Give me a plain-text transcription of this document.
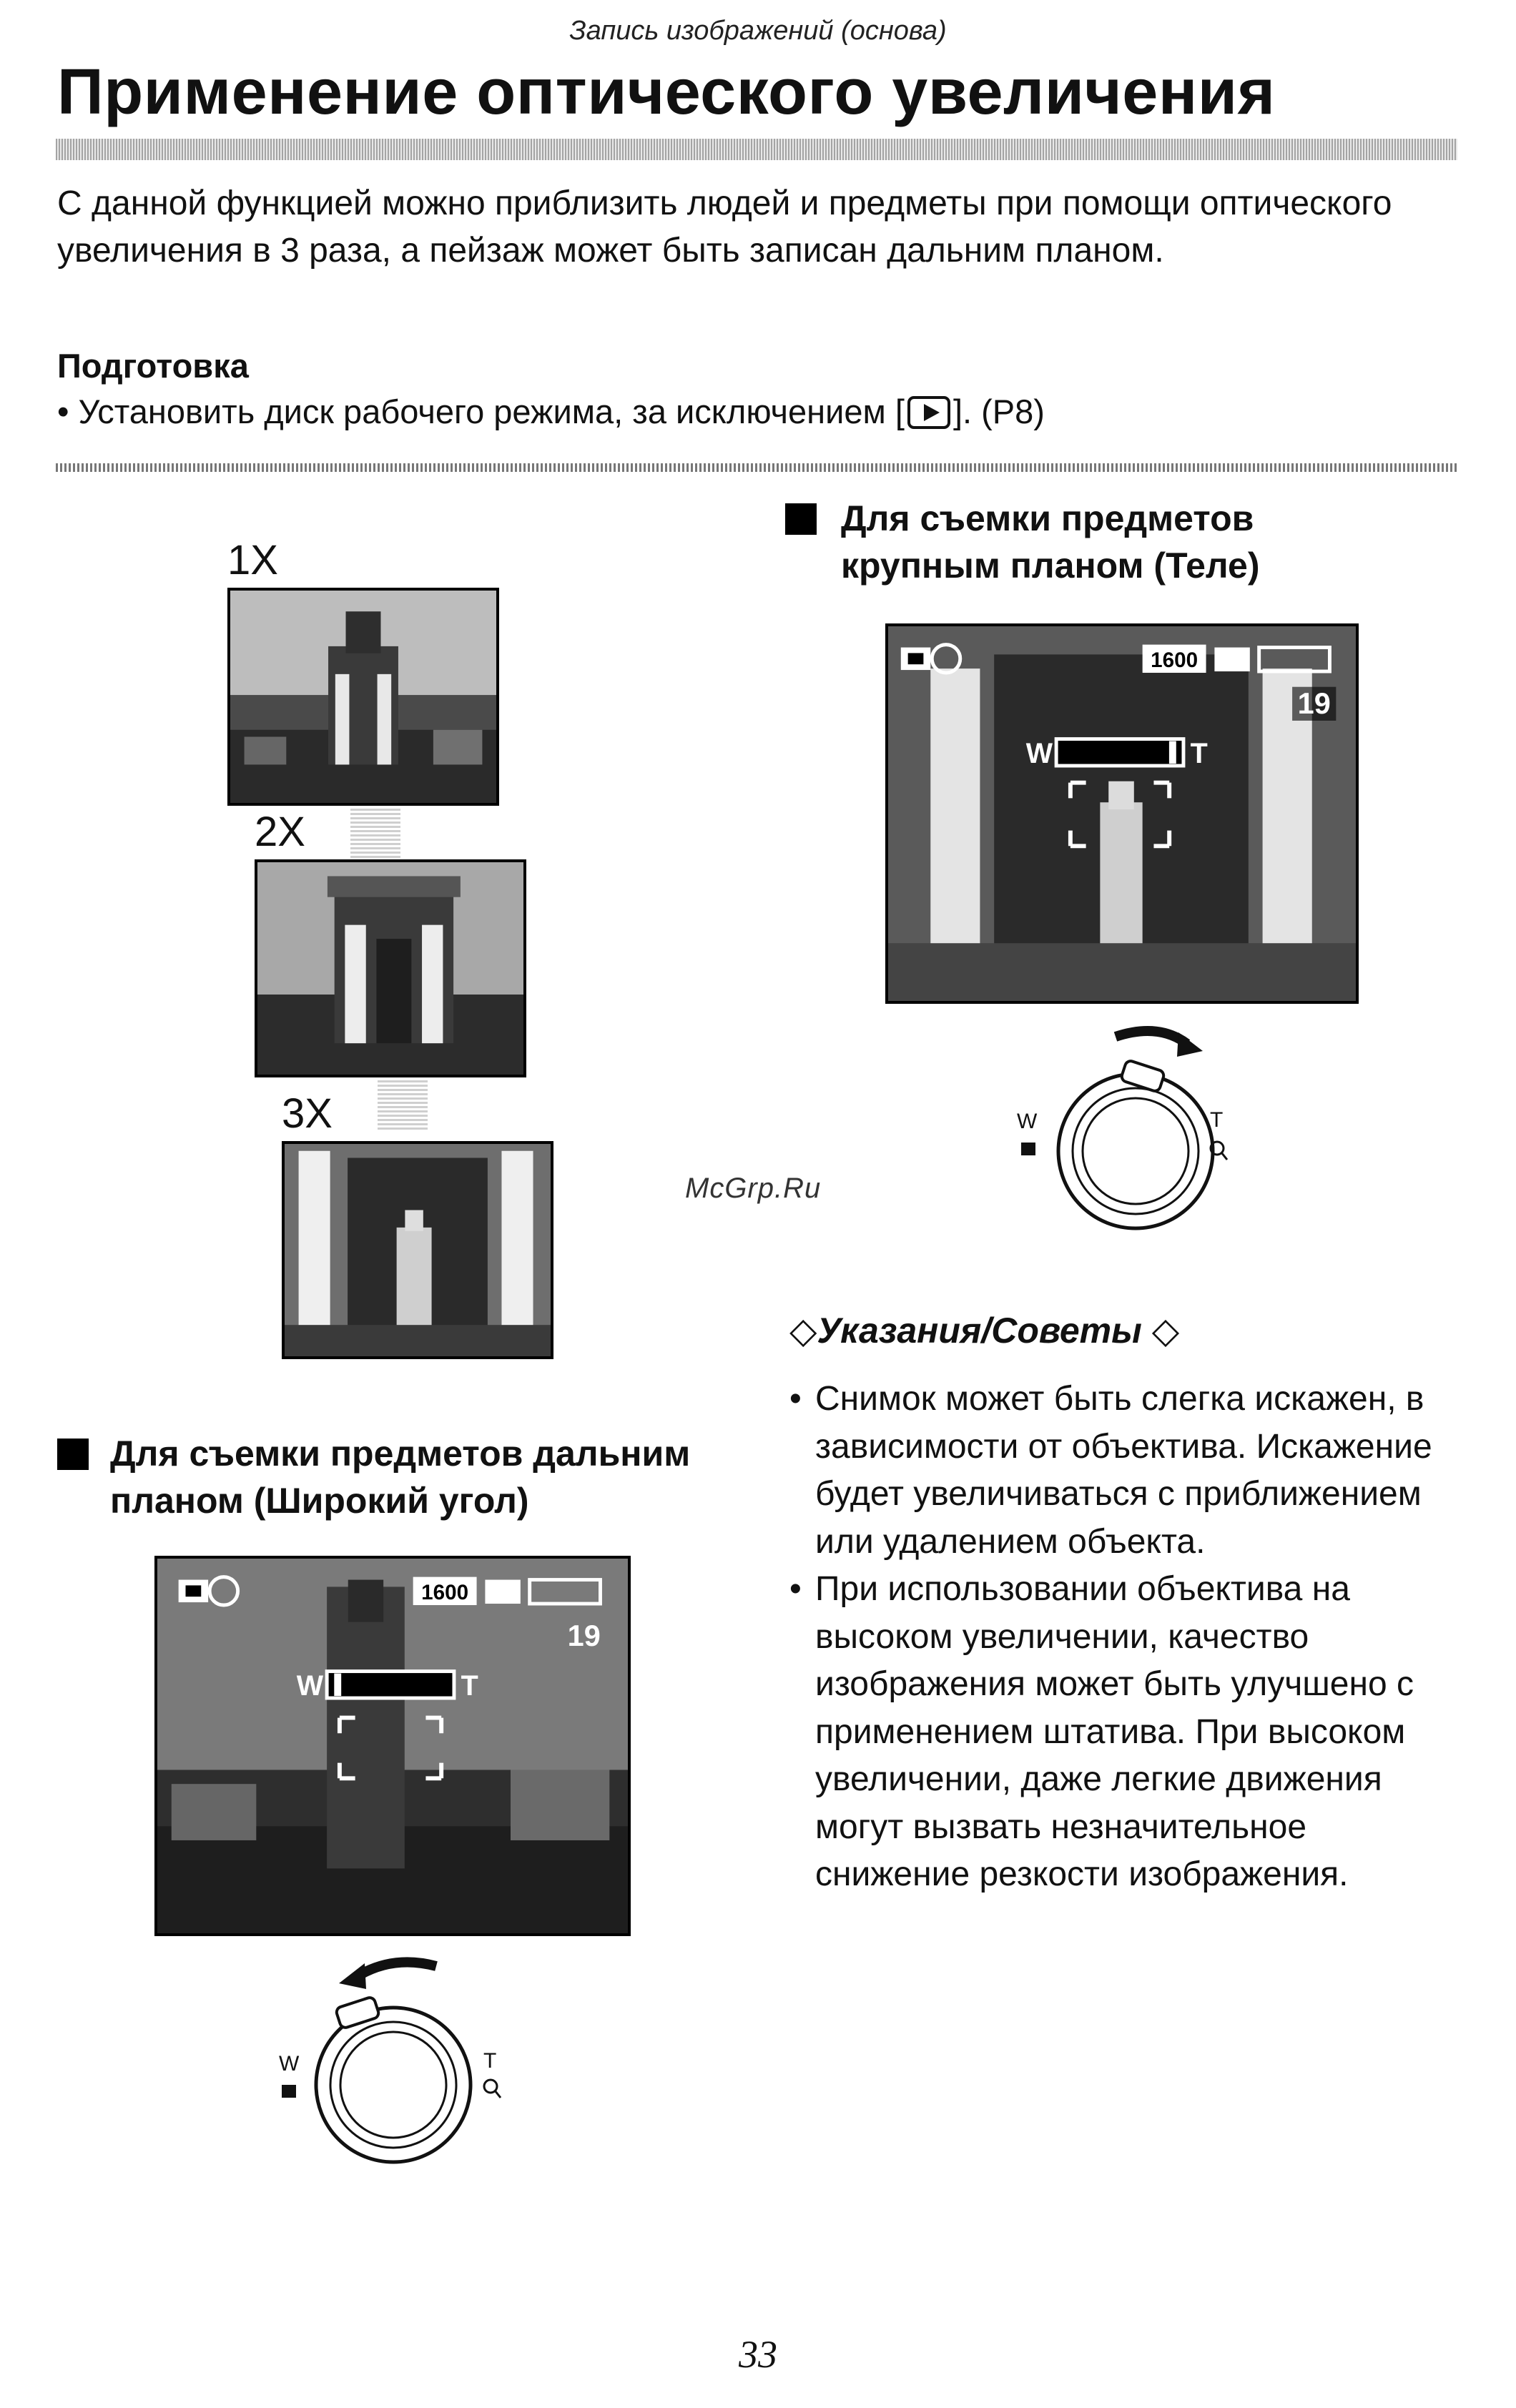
Запись изображений (основа)
Применение оптического увеличения
С данной функцией можно приблизить людей и предметы при помощи оптического увеличения в 3 раза, а пейзаж может быть записан дальним планом.
Подготовка
• Установить диск рабочего режима, за исключением [ ]. (P8)
1X
2X
3X
Для съемки предметов
крупным планом (Теле)
1600
19
W	T
W	T
McGrp.Ru
◇Указания/Советы ◇
• Снимок может быть слегка искажен, в зависимости от объектива. Искажение будет увеличиваться с приближением или удалением объекта.
• При использовании объектива на высоком увеличении, качество изображения может быть улучшено с применением штатива. При высоком увеличении, даже легкие движения могут вызвать незначительное снижение резкости изображения.
Для съемки предметов дальним
планом (Широкий угол)
1600
19
W	T
W	T
33
